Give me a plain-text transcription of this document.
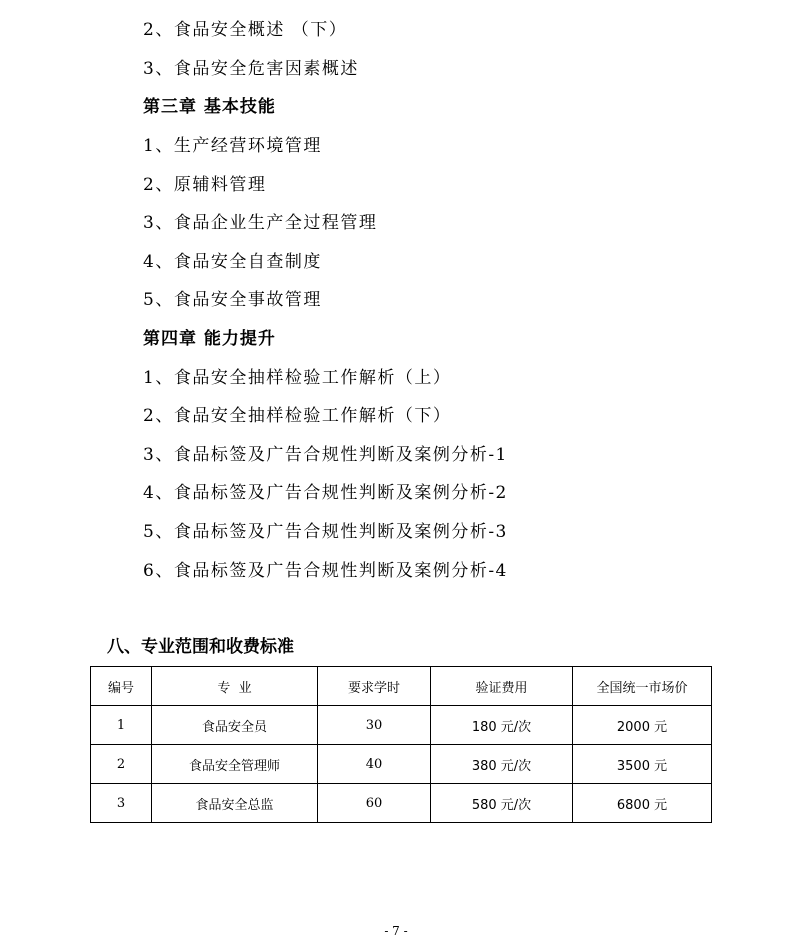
2、食品安全概述 （下）
3、食品安全危害因素概述
第三章 基本技能
1、生产经营环境管理
2、原辅料管理
3、食品企业生产全过程管理
4、食品安全自查制度
5、食品安全事故管理
第四章 能力提升
1、食品安全抽样检验工作解析（上）
2、食品安全抽样检验工作解析（下）
3、食品标签及广告合规性判断及案例分析-1
4、食品标签及广告合规性判断及案例分析-2
5、食品标签及广告合规性判断及案例分析-3
6、食品标签及广告合规性判断及案例分析-4
八、专业范围和收费标准
编号	专  业	要求学时	验证费用	全国统一市场价
1	食品安全员	30	180 元/次	2000 元
2	食品安全管理师	40	380 元/次	3500 元
3	食品安全总监	60	580 元/次	6800 元
- 7 -
